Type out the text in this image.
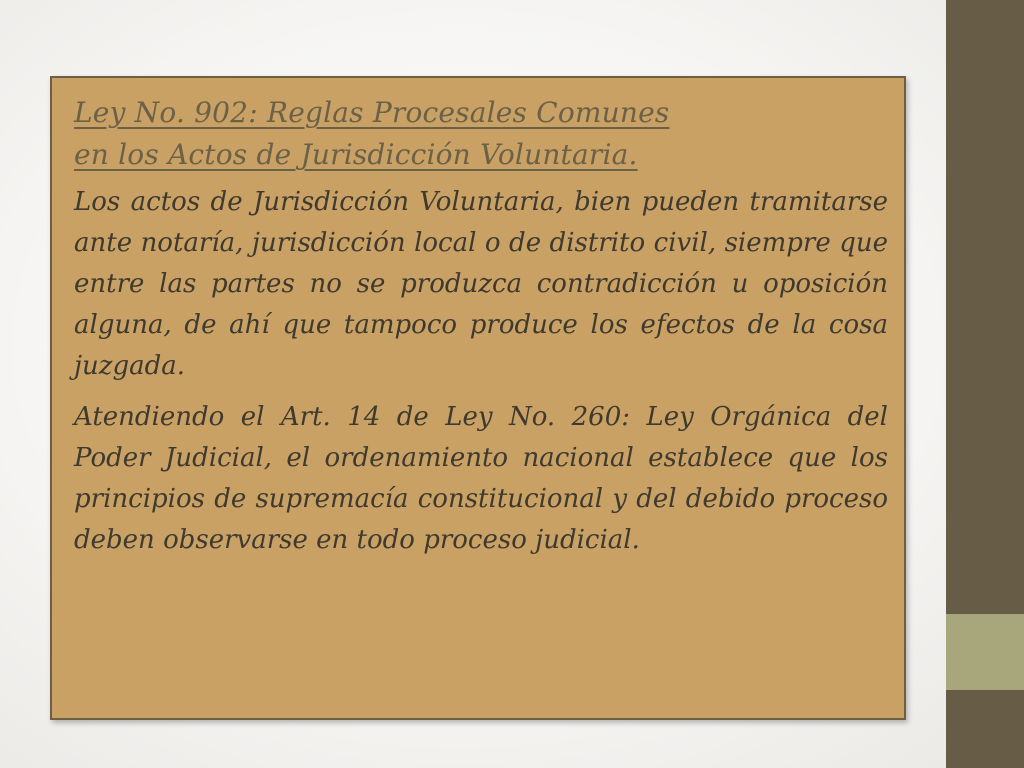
Ley No. 902: Reglas Procesales Comunes
en los Actos de Jurisdicción Voluntaria.

Los actos de Jurisdicción Voluntaria, bien pueden tramitarse ante notaría, jurisdicción local o de distrito civil, siempre que entre las partes no se produzca contradicción u oposición alguna, de ahí que tampoco produce los efectos de la cosa juzgada.

Atendiendo el Art. 14 de Ley No. 260: Ley Orgánica del Poder Judicial, el ordenamiento nacional establece que los principios de supremacía constitucional y del debido proceso deben observarse en todo proceso judicial.
